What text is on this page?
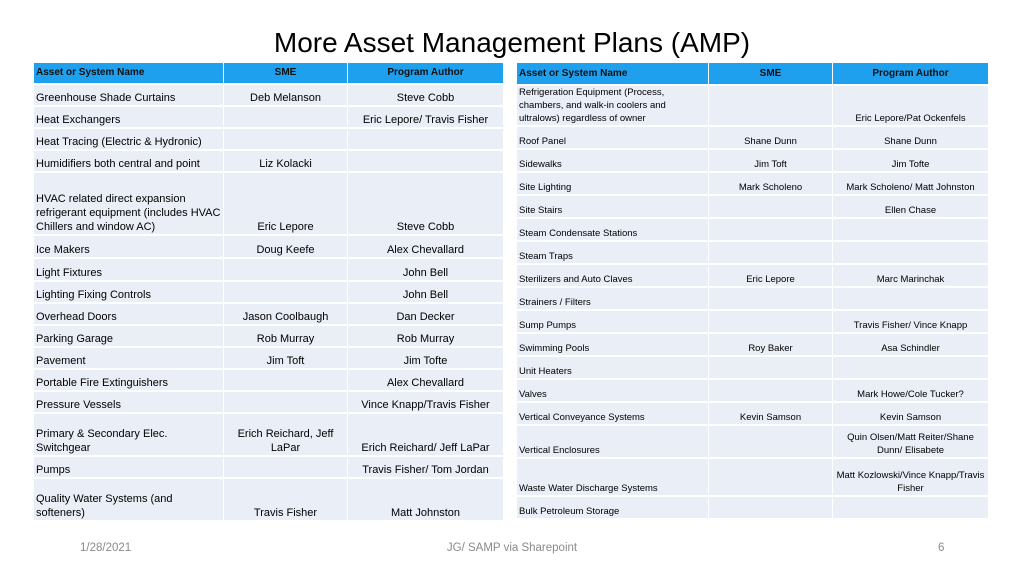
More Asset Management Plans (AMP)
Asset or System Name	SME	Program Author
Greenhouse Shade Curtains	Deb Melanson	Steve Cobb
Heat Exchangers		Eric Lepore/ Travis Fisher
Heat Tracing (Electric & Hydronic)		
Humidifiers both central and point	Liz Kolacki	
HVAC related direct expansion refrigerant equipment (includes HVAC Chillers and window AC)	Eric Lepore	Steve Cobb
Ice Makers	Doug Keefe	Alex Chevallard
Light Fixtures		John Bell
Lighting Fixing Controls		John Bell
Overhead Doors	Jason Coolbaugh	Dan Decker
Parking Garage	Rob Murray	Rob Murray
Pavement	Jim Toft	Jim Tofte
Portable Fire Extinguishers		Alex Chevallard
Pressure Vessels		Vince Knapp/Travis Fisher
Primary & Secondary Elec. Switchgear	Erich Reichard, Jeff LaPar	Erich Reichard/ Jeff LaPar
Pumps		Travis Fisher/ Tom Jordan
Quality Water Systems (and softeners)	Travis Fisher	Matt Johnston
Asset or System Name	SME	Program Author
Refrigeration Equipment (Process, chambers, and walk-in coolers and ultralows) regardless of owner		Eric Lepore/Pat Ockenfels
Roof Panel	Shane Dunn	Shane Dunn
Sidewalks	Jim Toft	Jim Tofte
Site Lighting	Mark Scholeno	Mark Scholeno/ Matt Johnston
Site Stairs		Ellen Chase
Steam Condensate Stations		
Steam Traps		
Sterilizers and Auto Claves	Eric Lepore	Marc Marinchak
Strainers / Filters		
Sump Pumps		Travis Fisher/ Vince Knapp
Swimming Pools	Roy Baker	Asa Schindler
Unit Heaters		
Valves		Mark Howe/Cole Tucker?
Vertical Conveyance Systems	Kevin Samson	Kevin Samson
Vertical Enclosures		Quin Olsen/Matt Reiter/Shane Dunn/ Elisabete
Waste Water Discharge Systems		Matt Kozlowski/Vince Knapp/Travis Fisher
Bulk Petroleum Storage		
1/28/2021	JG/ SAMP via Sharepoint	6
